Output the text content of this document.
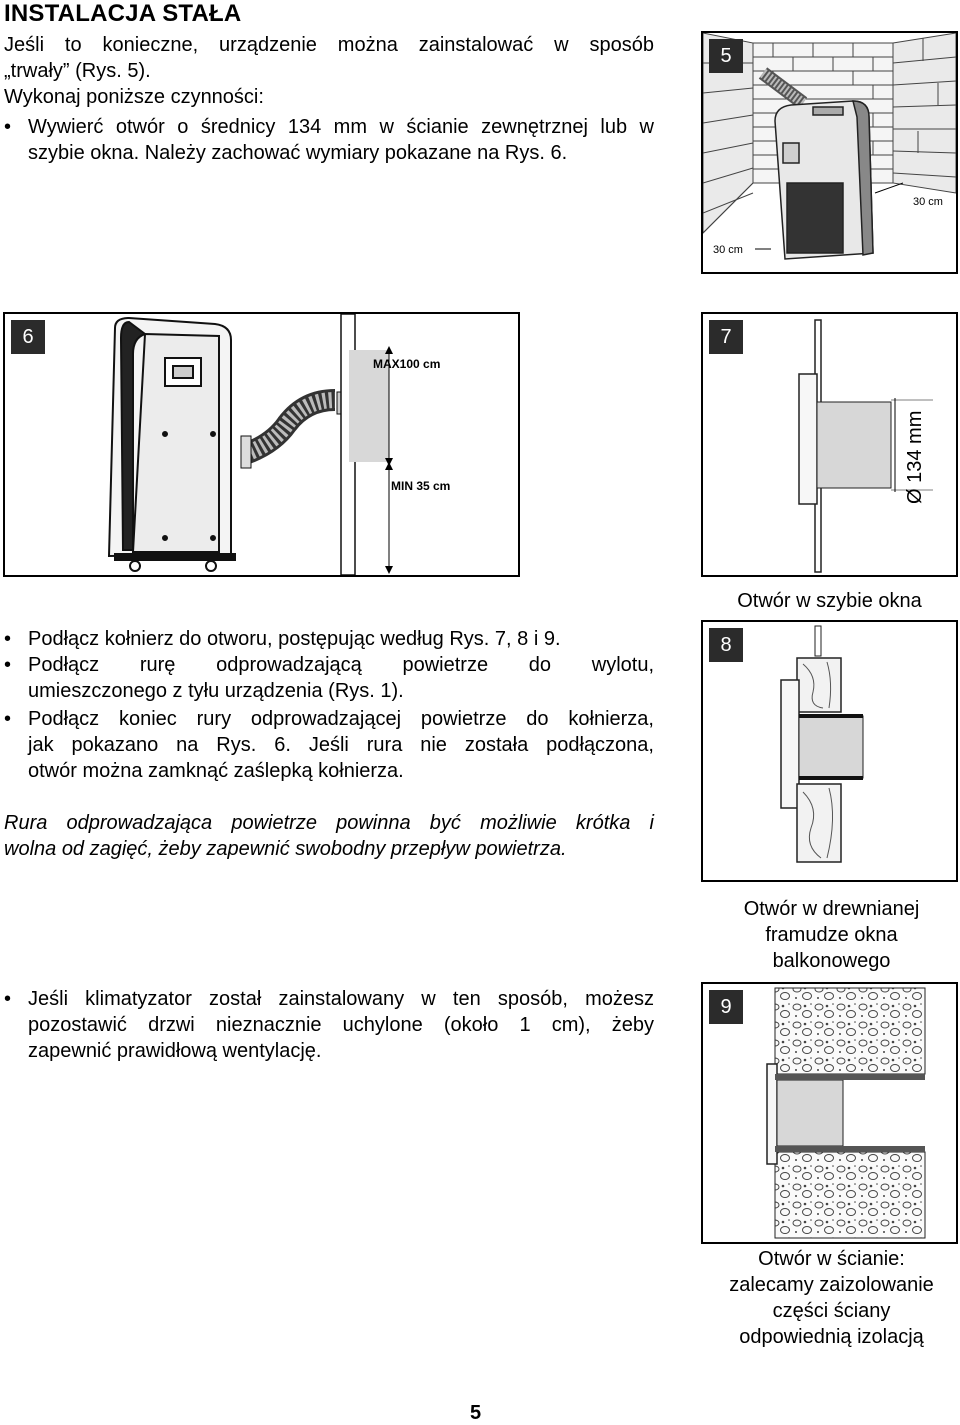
INSTALACJA STAŁA
Jeśli to konieczne, urządzenie można zainstalować w sposób
„trwały” (Rys. 5).
Wykonaj poniższe czynności:
• Wywierć otwór o średnicy 134 mm w ścianie zewnętrznej lub w
szybie okna. Należy zachować wymiary pokazane na Rys. 6.
• Podłącz kołnierz do otworu, postępując według Rys. 7, 8 i 9.
• Podłącz rurę odprowadzającą powietrze do wylotu,
umieszczonego z tyłu urządzenia (Rys. 1).
• Podłącz koniec rury odprowadzającej powietrze do kołnierza,
jak pokazano na Rys. 6. Jeśli rura nie została podłączona,
otwór można zamknąć zaślepką kołnierza.
Rura odprowadzająca powietrze powinna być możliwie krótka i
wolna od zagięć, żeby zapewnić swobodny przepływ powietrza.
• Jeśli klimatyzator został zainstalowany w ten sposób, możesz
pozostawić drzwi nieznacznie uchylone (około 1 cm), żeby
zapewnić prawidłową wentylację.
30 cm
30 cm
5
MAX100 cm
MIN 35 cm
6
Ø 134 mm
7
Otwór w szybie okna
8
Otwór w drewnianej
framudze okna
balkonowego
9
Otwór w ścianie:
zalecamy zaizolowanie
części ściany
odpowiednią izolacją
5
